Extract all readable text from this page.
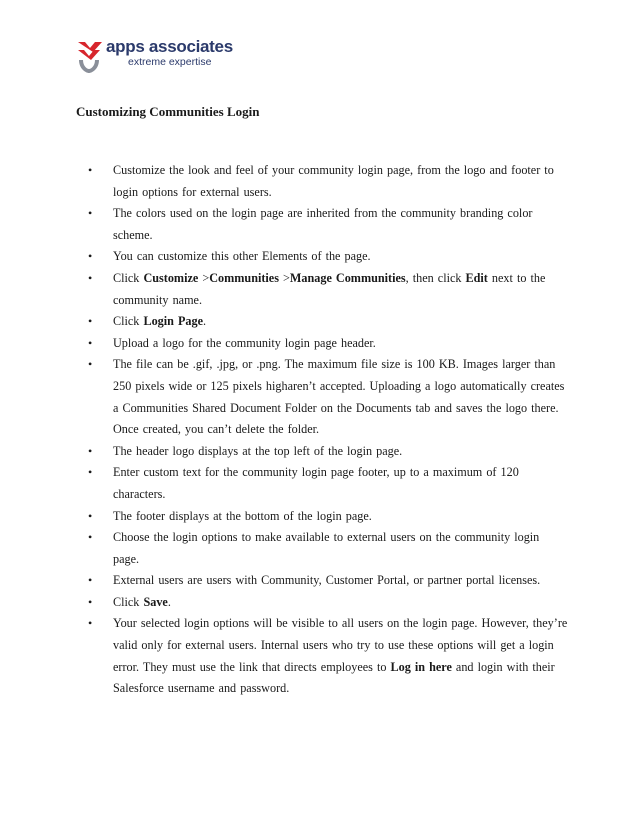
apps associates
extreme expertise
Customizing Communities Login
• Customize the look and feel of your community login page, from the logo and footer to login options for external users.
• The colors used on the login page are inherited from the community branding color scheme.
• You can customize this other Elements of the page.
• Click Customize >Communities >Manage Communities, then click Edit next to the community name.
• Click Login Page.
• Upload a logo for the community login page header.
• The file can be .gif, .jpg, or .png. The maximum file size is 100 KB. Images larger than 250 pixels wide or 125 pixels higharen’t accepted. Uploading a logo automatically creates a Communities Shared Document Folder on the Documents tab and saves the logo there. Once created, you can’t delete the folder.
• The header logo displays at the top left of the login page.
• Enter custom text for the community login page footer, up to a maximum of 120 characters.
• The footer displays at the bottom of the login page.
• Choose the login options to make available to external users on the community login page.
• External users are users with Community, Customer Portal, or partner portal licenses.
• Click Save.
• Your selected login options will be visible to all users on the login page. However, they’re valid only for external users. Internal users who try to use these options will get a login error. They must use the link that directs employees to Log in here and login with their Salesforce username and password.
